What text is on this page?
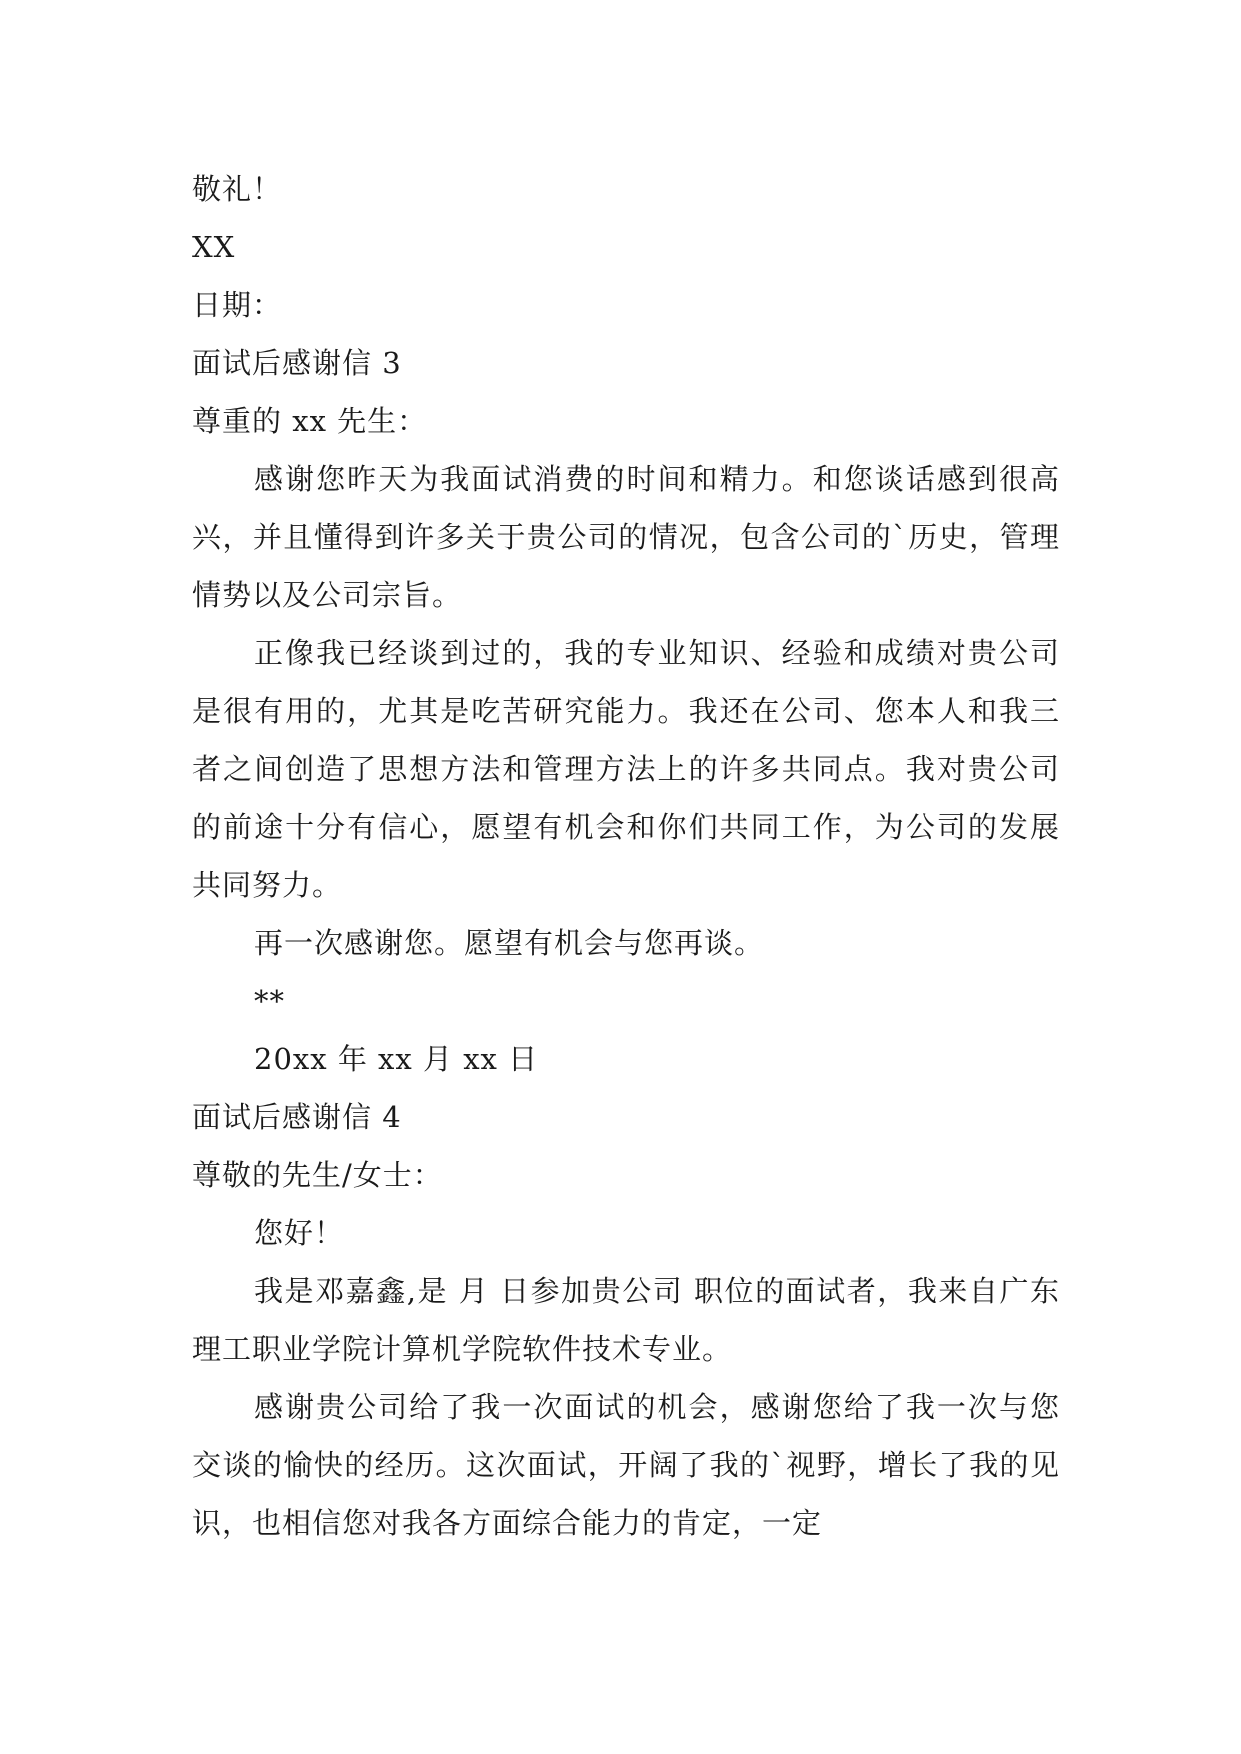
敬礼！

XX

日期：

面试后感谢信 3

尊重的 xx 先生：

感谢您昨天为我面试消费的时间和精力。和您谈话感到很高兴，并且懂得到许多关于贵公司的情况，包含公司的`历史，管理情势以及公司宗旨。

正像我已经谈到过的，我的专业知识、经验和成绩对贵公司是很有用的，尤其是吃苦研究能力。我还在公司、您本人和我三者之间创造了思想方法和管理方法上的许多共同点。我对贵公司的前途十分有信心，愿望有机会和你们共同工作，为公司的发展共同努力。

再一次感谢您。愿望有机会与您再谈。

**

20xx 年 xx 月 xx 日

面试后感谢信 4

尊敬的先生/女士：

您好！

我是邓嘉鑫,是 月 日参加贵公司 职位的面试者，我来自广东理工职业学院计算机学院软件技术专业。

感谢贵公司给了我一次面试的机会，感谢您给了我一次与您交谈的愉快的经历。这次面试，开阔了我的`视野，增长了我的见识，也相信您对我各方面综合能力的肯定，一定
